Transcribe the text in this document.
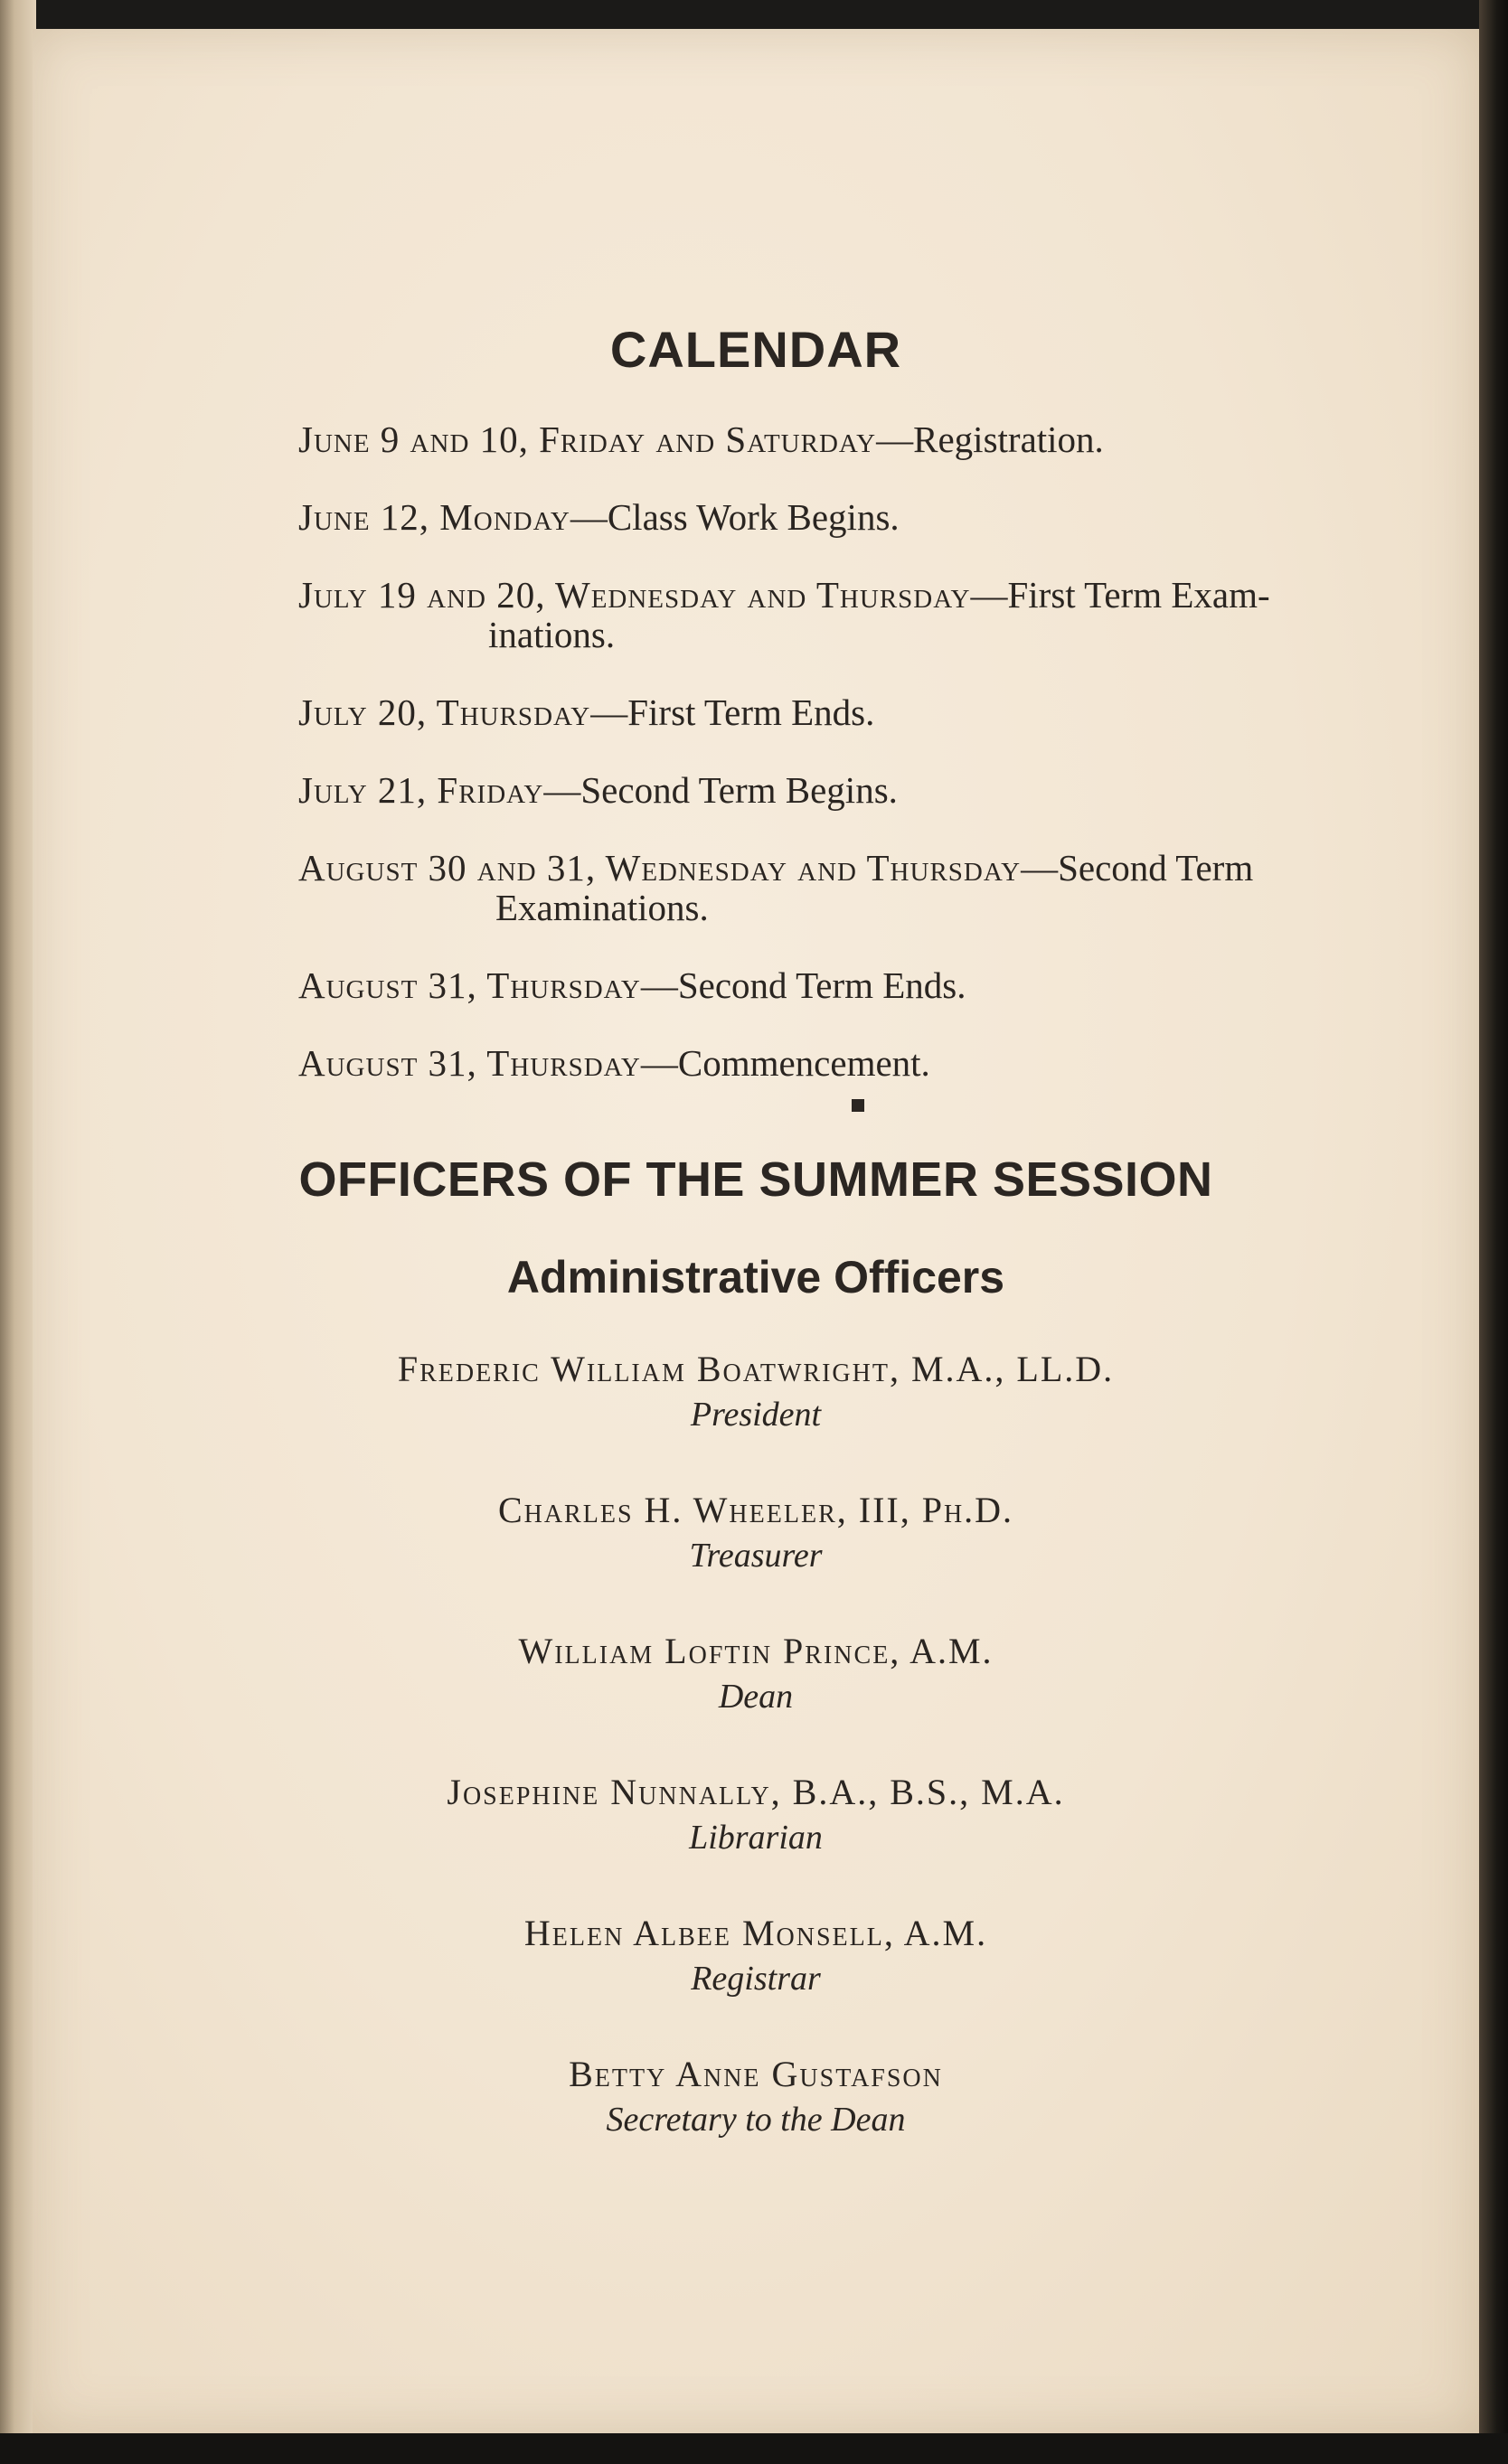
CALENDAR
June 9 and 10, Friday and Saturday—Registration.
June 12, Monday—Class Work Begins.
July 19 and 20, Wednesday and Thursday—First Term Exam-
inations.
July 20, Thursday—First Term Ends.
July 21, Friday—Second Term Begins.
August 30 and 31, Wednesday and Thursday—Second Term
Examinations.
August 31, Thursday—Second Term Ends.
August 31, Thursday—Commencement.
OFFICERS OF THE SUMMER SESSION
Administrative Officers
Frederic William Boatwright, M.A., LL.D.
President
Charles H. Wheeler, III, Ph.D.
Treasurer
William Loftin Prince, A.M.
Dean
Josephine Nunnally, B.A., B.S., M.A.
Librarian
Helen Albee Monsell, A.M.
Registrar
Betty Anne Gustafson
Secretary to the Dean
